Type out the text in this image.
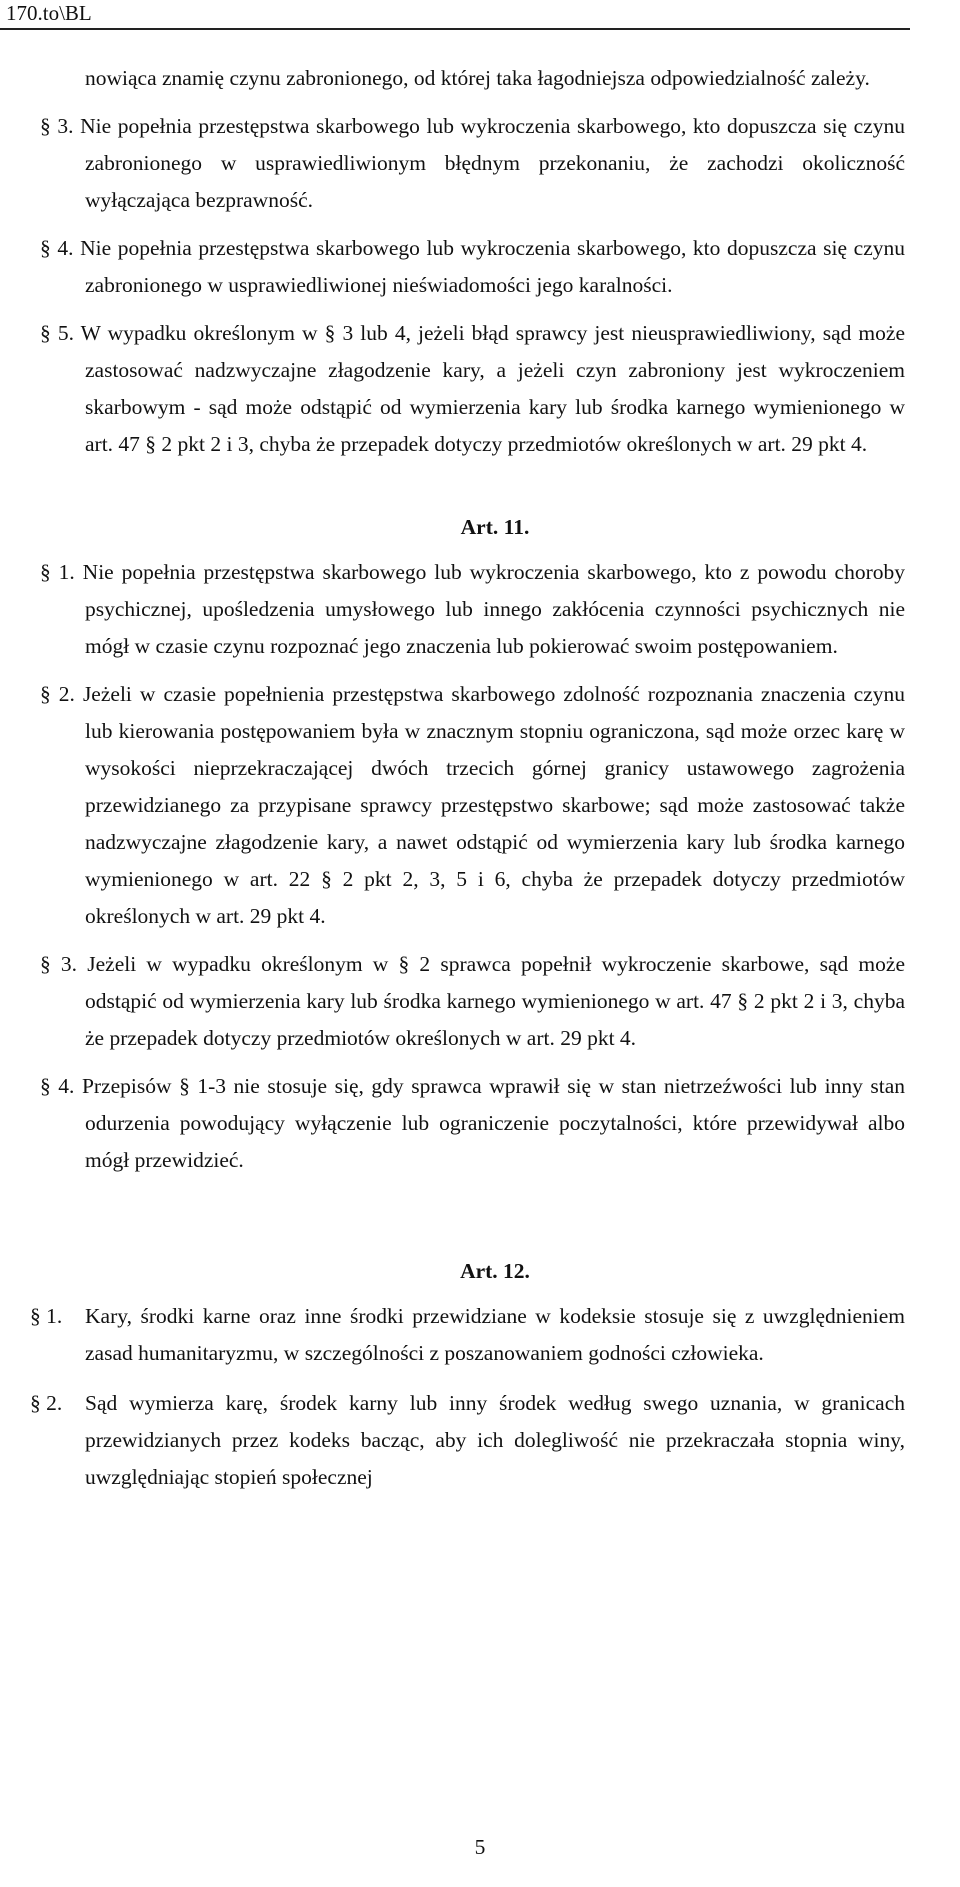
170.to\BL

nowiąca znamię czynu zabronionego, od której taka łagodniejsza odpowiedzialność zależy.

§ 3. Nie popełnia przestępstwa skarbowego lub wykroczenia skarbowego, kto dopuszcza się czynu zabronionego w usprawiedliwionym błędnym przekonaniu, że zachodzi okoliczność wyłączająca bezprawność.

§ 4. Nie popełnia przestępstwa skarbowego lub wykroczenia skarbowego, kto dopuszcza się czynu zabronionego w usprawiedliwionej nieświadomości jego karalności.

§ 5. W wypadku określonym w § 3 lub 4, jeżeli błąd sprawcy jest nieusprawiedliwiony, sąd może zastosować nadzwyczajne złagodzenie kary, a jeżeli czyn zabroniony jest wykroczeniem skarbowym - sąd może odstąpić od wymierzenia kary lub środka karnego wymienionego w art. 47 § 2 pkt 2 i 3, chyba że przepadek dotyczy przedmiotów określonych w art. 29 pkt 4.

Art. 11.

§ 1. Nie popełnia przestępstwa skarbowego lub wykroczenia skarbowego, kto z powodu choroby psychicznej, upośledzenia umysłowego lub innego zakłócenia czynności psychicznych nie mógł w czasie czynu rozpoznać jego znaczenia lub pokierować swoim postępowaniem.

§ 2. Jeżeli w czasie popełnienia przestępstwa skarbowego zdolność rozpoznania znaczenia czynu lub kierowania postępowaniem była w znacznym stopniu ograniczona, sąd może orzec karę w wysokości nieprzekraczającej dwóch trzecich górnej granicy ustawowego zagrożenia przewidzianego za przypisane sprawcy przestępstwo skarbowe; sąd może zastosować także nadzwyczajne złagodzenie kary, a nawet odstąpić od wymierzenia kary lub środka karnego wymienionego w art. 22 § 2 pkt 2, 3, 5 i 6, chyba że przepadek dotyczy przedmiotów określonych w art. 29 pkt 4.

§ 3. Jeżeli w wypadku określonym w § 2 sprawca popełnił wykroczenie skarbowe, sąd może odstąpić od wymierzenia kary lub środka karnego wymienionego w art. 47 § 2 pkt 2 i 3, chyba że przepadek dotyczy przedmiotów określonych w art. 29 pkt 4.

§ 4. Przepisów § 1-3 nie stosuje się, gdy sprawca wprawił się w stan nietrzeźwości lub inny stan odurzenia powodujący wyłączenie lub ograniczenie poczytalności, które przewidywał albo mógł przewidzieć.

Art. 12.
§ 1.	Kary, środki karne oraz inne środki przewidziane w kodeksie stosuje się z uwzględnieniem zasad humanitaryzmu, w szczególności z poszanowaniem godności człowieka.
§ 2.	Sąd wymierza karę, środek karny lub inny środek według swego uznania, w granicach przewidzianych przez kodeks bacząc, aby ich dolegliwość nie przekraczała stopnia winy, uwzględniając stopień społecznej
5
